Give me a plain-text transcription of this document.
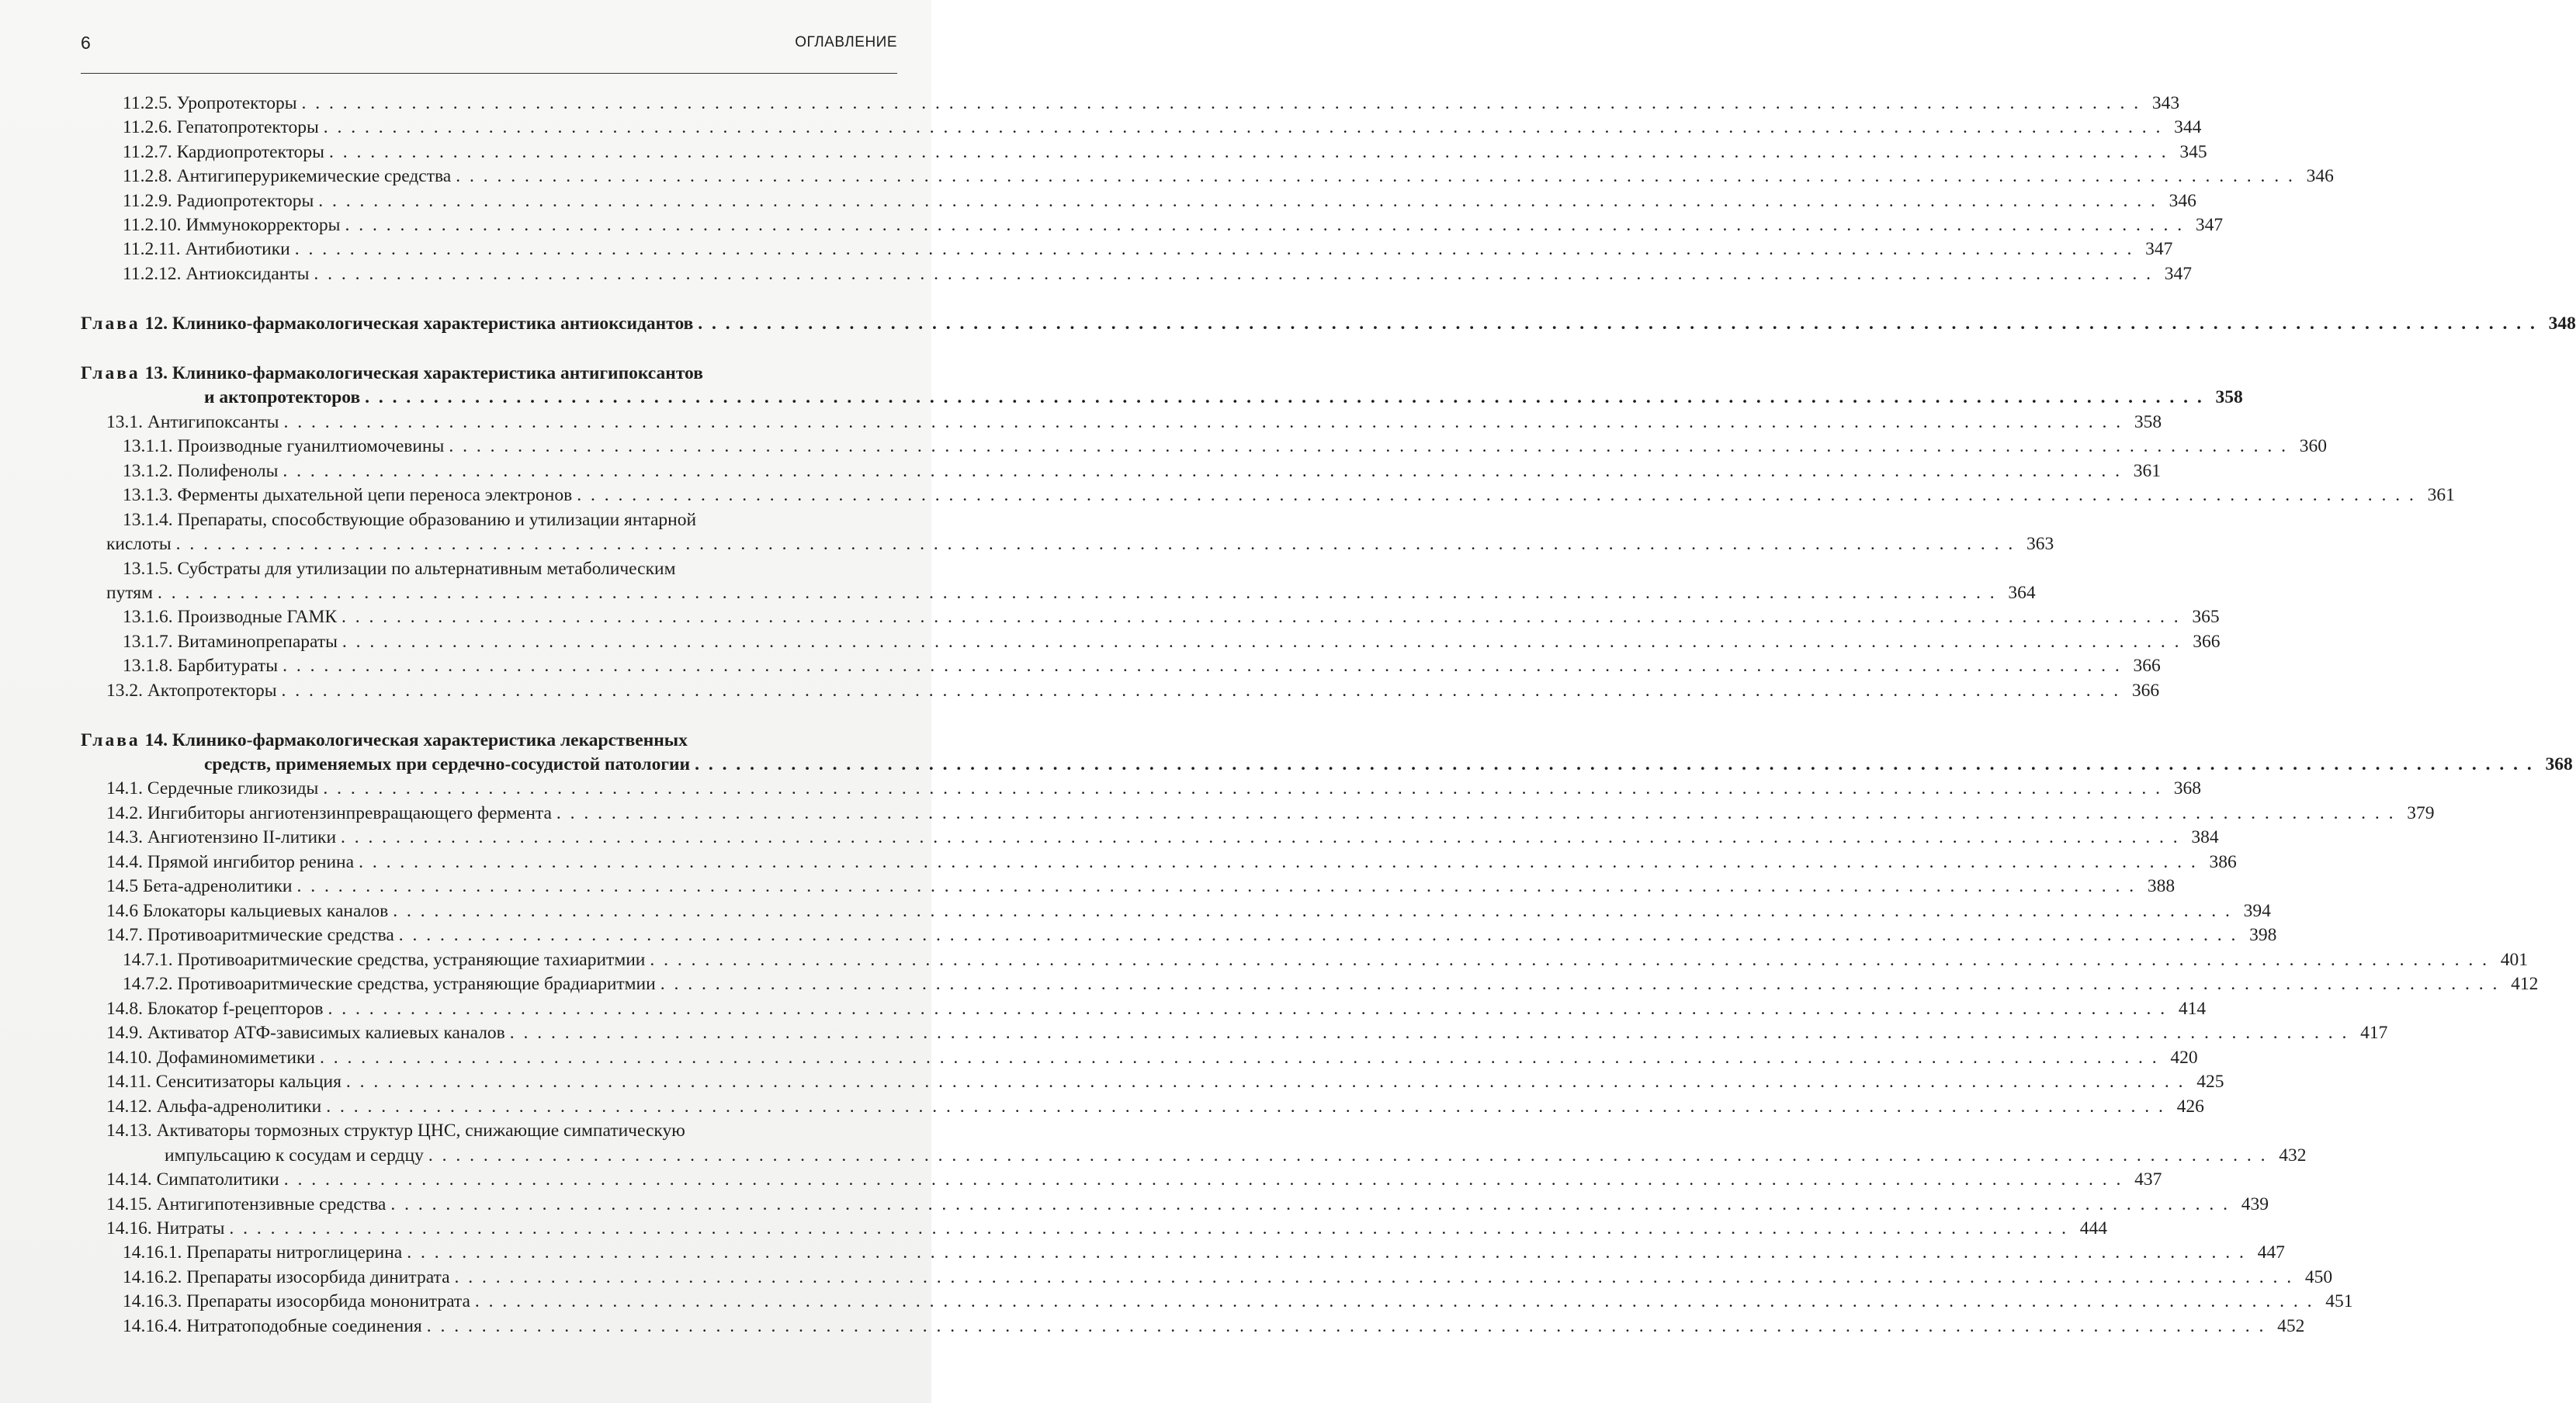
6	ОГЛАВЛЕНИЕ
11.2.5. Уропротекторы . . .	343
11.2.6. Гепатопротекторы . . .	344
11.2.7. Кардиопротекторы . . .	345
11.2.8. Антигиперурикемические средства . . .	346
11.2.9. Радиопротекторы . . .	346
11.2.10. Иммунокорректоры . . .	347
11.2.11. Антибиотики . . .	347
11.2.12. Антиоксиданты . . .	347
Глава 12. Клинико-фармакологическая характеристика антиоксидантов . . .	348
Глава 13. Клинико-фармакологическая характеристика антигипоксантов
и актопротекторов . . .	358
13.1. Антигипоксанты . . .	358
13.1.1. Производные гуанилтиомочевины . . .	360
13.1.2. Полифенолы . . .	361
13.1.3. Ферменты дыхательной цепи переноса электронов . . .	361
13.1.4. Препараты, способствующие образованию и утилизации янтарной
кислоты . . .	363
13.1.5. Субстраты для утилизации по альтернативным метаболическим
путям . . .	364
13.1.6. Производные ГАМК . . .	365
13.1.7. Витаминопрепараты . . .	366
13.1.8. Барбитураты . . .	366
13.2. Актопротекторы . . .	366
Глава 14. Клинико-фармакологическая характеристика лекарственных
средств, применяемых при сердечно-сосудистой патологии . . .	368
14.1. Сердечные гликозиды . . .	368
14.2. Ингибиторы ангиотензинпревращающего фермента . . .	379
14.3. Ангиотензино II-литики . . .	384
14.4. Прямой ингибитор ренина . . .	386
14.5 Бета-адренолитики . . .	388
14.6 Блокаторы кальциевых каналов . . .	394
14.7. Противоаритмические средства . . .	398
14.7.1. Противоаритмические средства, устраняющие тахиаритмии . . .	401
14.7.2. Противоаритмические средства, устраняющие брадиаритмии . . .	412
14.8. Блокатор f-рецепторов . . .	414
14.9. Активатор АТФ-зависимых калиевых каналов . . .	417
14.10. Дофаминомиметики . . .	420
14.11. Сенситизаторы кальция . . .	425
14.12. Альфа-адренолитики . . .	426
14.13. Активаторы тормозных структур ЦНС, снижающие симпатическую
импульсацию к сосудам и сердцу . . .	432
14.14. Симпатолитики . . .	437
14.15. Антигипотензивные средства . . .	439
14.16. Нитраты . . .	444
14.16.1. Препараты нитроглицерина . . .	447
14.16.2. Препараты изосорбида динитрата . . .	450
14.16.3. Препараты изосорбида мононитрата . . .	451
14.16.4. Нитратоподобные соединения . . .	452
